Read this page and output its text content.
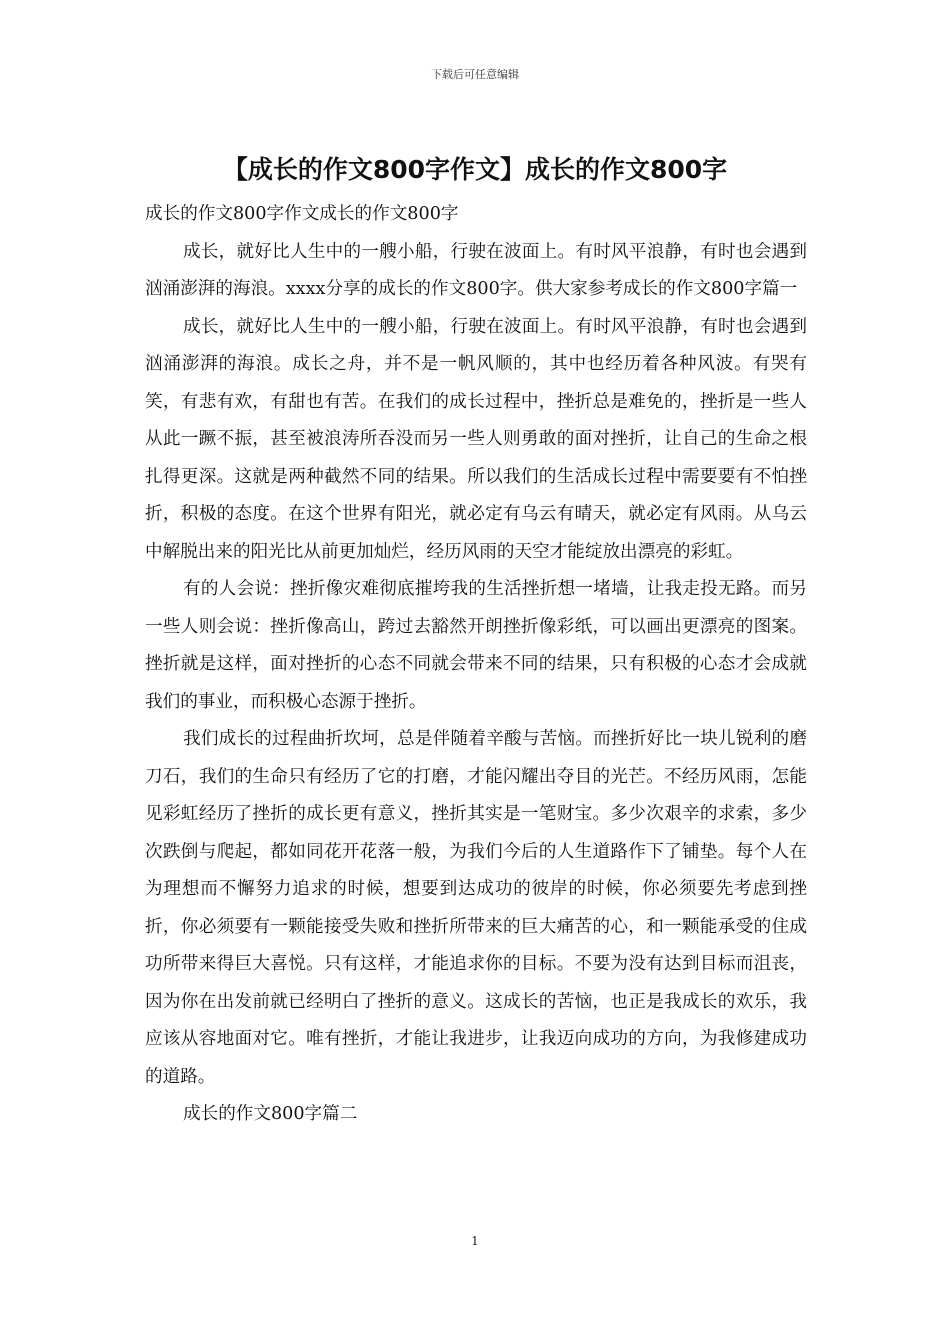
下载后可任意编辑
【成长的作文800字作文】成长的作文800字

成长的作文800字作文成长的作文800字

成长，就好比人生中的一艘小船，行驶在波面上。有时风平浪静，有时也会遇到汹涌澎湃的海浪。xxxx分享的成长的作文800字。供大家参考成长的作文800字篇一

成长，就好比人生中的一艘小船，行驶在波面上。有时风平浪静，有时也会遇到汹涌澎湃的海浪。成长之舟，并不是一帆风顺的，其中也经历着各种风波。有哭有笑，有悲有欢，有甜也有苦。在我们的成长过程中，挫折总是难免的，挫折是一些人从此一蹶不振，甚至被浪涛所吞没而另一些人则勇敢的面对挫折，让自己的生命之根扎得更深。这就是两种截然不同的结果。所以我们的生活成长过程中需要要有不怕挫折，积极的态度。在这个世界有阳光，就必定有乌云有晴天，就必定有风雨。从乌云中解脱出来的阳光比从前更加灿烂，经历风雨的天空才能绽放出漂亮的彩虹。

有的人会说：挫折像灾难彻底摧垮我的生活挫折想一堵墙，让我走投无路。而另一些人则会说：挫折像高山，跨过去豁然开朗挫折像彩纸，可以画出更漂亮的图案。挫折就是这样，面对挫折的心态不同就会带来不同的结果，只有积极的心态才会成就我们的事业，而积极心态源于挫折。

我们成长的过程曲折坎坷，总是伴随着辛酸与苦恼。而挫折好比一块儿锐利的磨刀石，我们的生命只有经历了它的打磨，才能闪耀出夺目的光芒。不经历风雨，怎能见彩虹经历了挫折的成长更有意义，挫折其实是一笔财宝。多少次艰辛的求索，多少次跌倒与爬起，都如同花开花落一般，为我们今后的人生道路作下了铺垫。每个人在为理想而不懈努力追求的时候，想要到达成功的彼岸的时候，你必须要先考虑到挫折，你必须要有一颗能接受失败和挫折所带来的巨大痛苦的心，和一颗能承受的住成功所带来得巨大喜悦。只有这样，才能追求你的目标。不要为没有达到目标而沮丧，因为你在出发前就已经明白了挫折的意义。这成长的苦恼，也正是我成长的欢乐，我应该从容地面对它。唯有挫折，才能让我进步，让我迈向成功的方向，为我修建成功的道路。

成长的作文800字篇二

1
